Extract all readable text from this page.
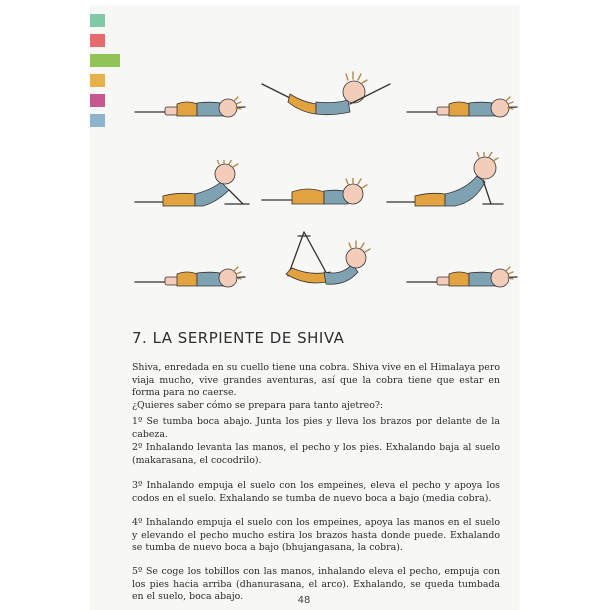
7. LA SERPIENTE DE SHIVA

Shiva, enredada en su cuello tiene una cobra. Shiva vive en el Himalaya pero viaja mucho, vive grandes aventuras, así que la cobra tiene que estar en forma para no caerse.

¿Quieres saber cómo se prepara para tanto ajetreo?:

1º Se tumba boca abajo. Junta los pies y lleva los brazos por delante de la cabeza.

2º Inhalando levanta las manos, el pecho y los pies. Exhalando baja al suelo (makarasana, el cocodrilo).

3º Inhalando empuja el suelo con los empeines, eleva el pecho y apoya los codos en el suelo. Exhalando se tumba de nuevo boca a bajo (media cobra).

4º Inhalando empuja el suelo con los empeines, apoya las manos en el suelo y elevando el pecho mucho estira los brazos hasta donde puede. Exhalando se tumba de nuevo boca a bajo (bhujangasana, la cobra).

5º Se coge los tobillos con las manos, inhalando eleva el pecho, empuja con los pies hacia arriba (dhanurasana, el arco). Exhalando, se queda tumbada en el suelo, boca abajo.	48
